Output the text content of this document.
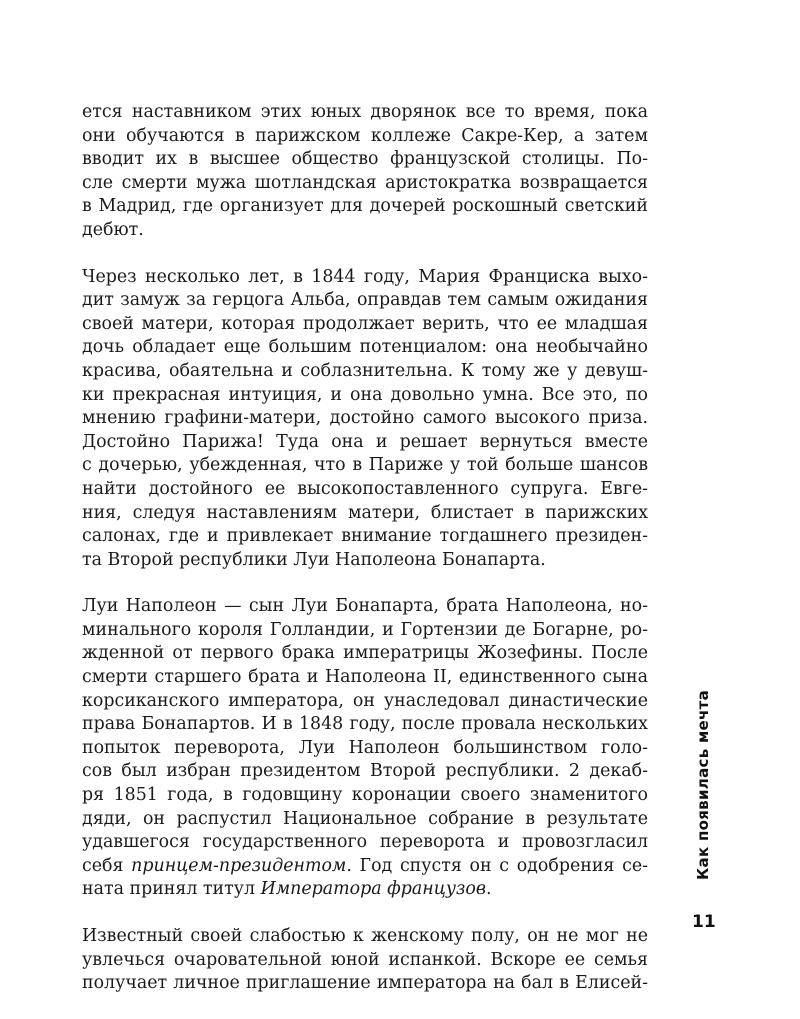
ется наставником этих юных дворянок все то время, пока
они обучаются в парижском коллеже Сакре-Кер, а затем
вводит их в высшее общество французской столицы. По-
сле смерти мужа шотландская аристократка возвращается
в Мадрид, где организует для дочерей роскошный светский
дебют.

Через несколько лет, в 1844 году, Мария Франциска выхо-
дит замуж за герцога Альба, оправдав тем самым ожидания
своей матери, которая продолжает верить, что ее младшая
дочь обладает еще большим потенциалом: она необычайно
красива, обаятельна и соблазнительна. К тому же у девуш-
ки прекрасная интуиция, и она довольно умна. Все это, по
мнению графини-матери, достойно самого высокого приза.
Достойно Парижа! Туда она и решает вернуться вместе
с дочерью, убежденная, что в Париже у той больше шансов
найти достойного ее высокопоставленного супруга. Евге-
ния, следуя наставлениям матери, блистает в парижских
салонах, где и привлекает внимание тогдашнего президен-
та Второй республики Луи Наполеона Бонапарта.

Луи Наполеон — сын Луи Бонапарта, брата Наполеона, но-
минального короля Голландии, и Гортензии де Богарне, ро-
жденной от первого брака императрицы Жозефины. После
смерти старшего брата и Наполеона II, единственного сына
корсиканского императора, он унаследовал династические
права Бонапартов. И в 1848 году, после провала нескольких
попыток переворота, Луи Наполеон большинством голо-
сов был избран президентом Второй республики. 2 декаб-
ря 1851 года, в годовщину коронации своего знаменитого
дяди, он распустил Национальное собрание в результате
удавшегося государственного переворота и провозгласил
себя принцем-президентом. Год спустя он с одобрения се-
ната принял титул Императора французов.

Известный своей слабостью к женскому полу, он не мог не
увлечься очаровательной юной испанкой. Вскоре ее семья
получает личное приглашение императора на бал в Елисей-

Как появилась мечта
11
